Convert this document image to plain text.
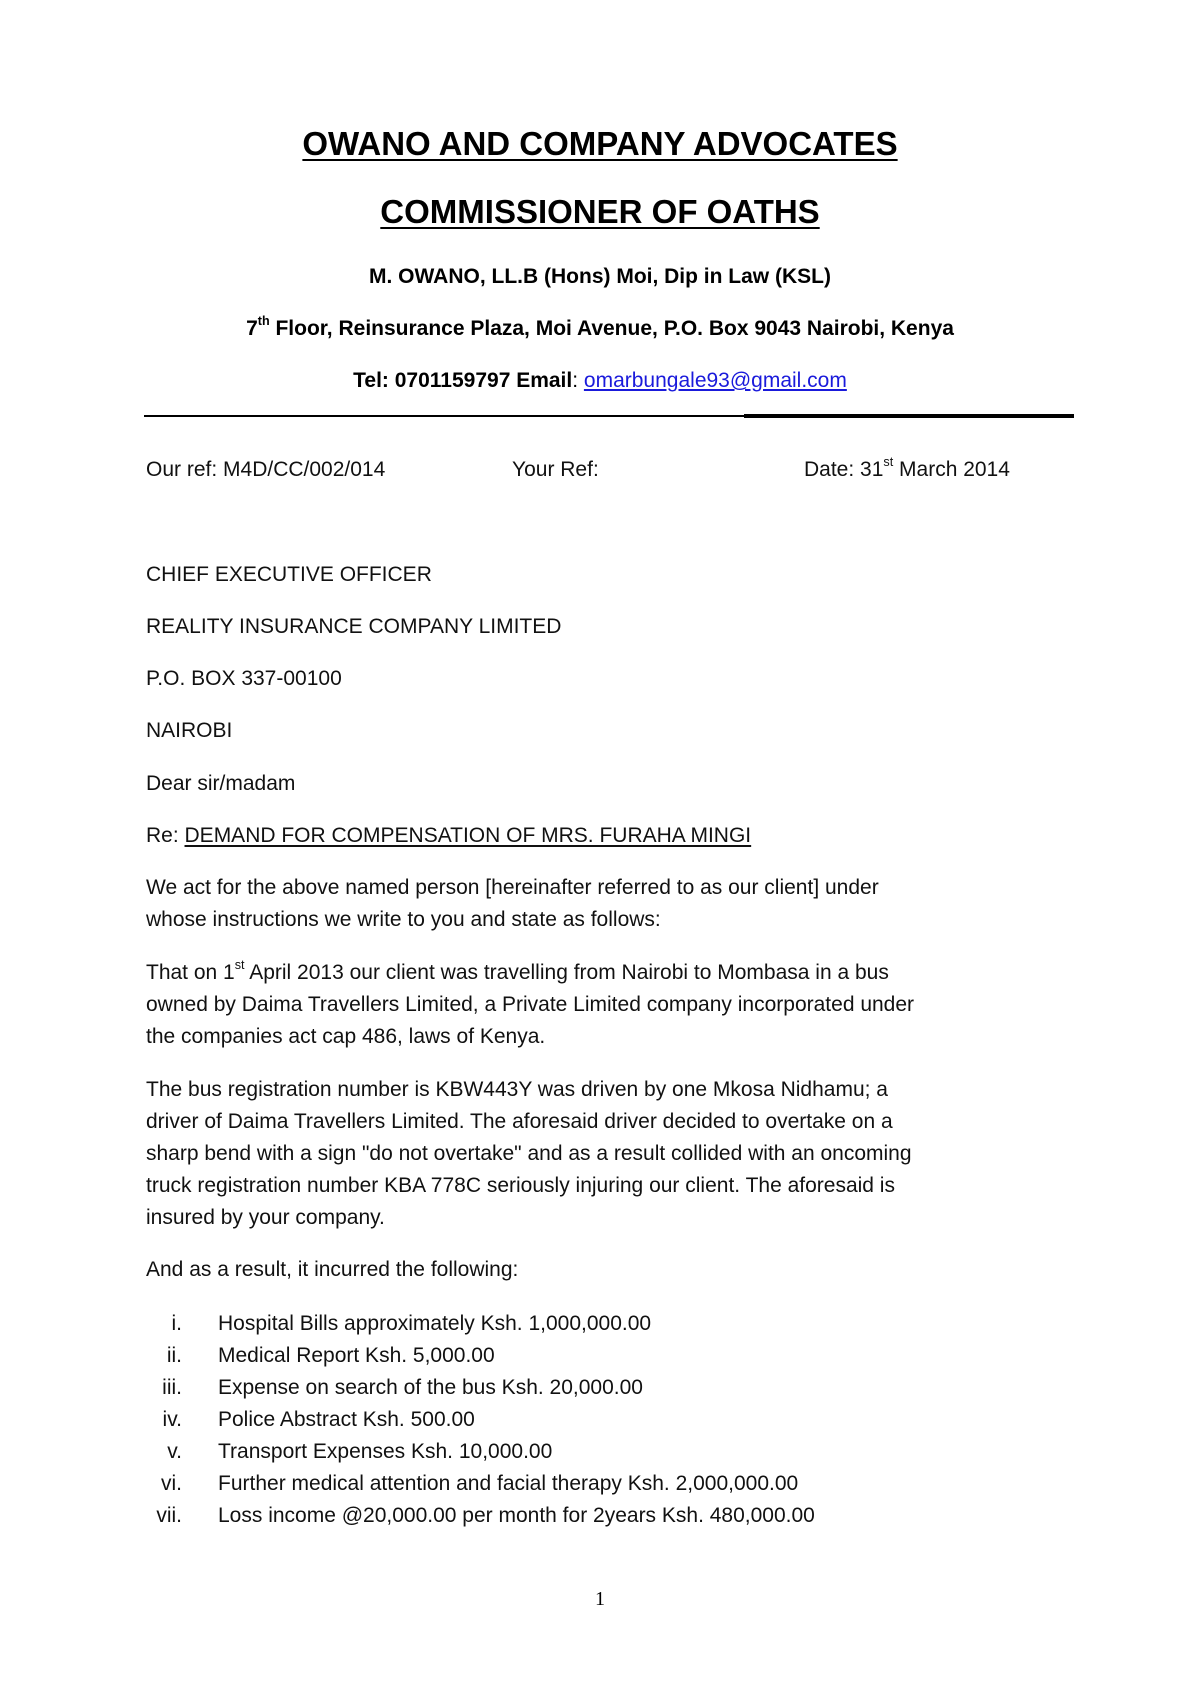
OWANO AND COMPANY ADVOCATES
COMMISSIONER OF OATHS
M. OWANO, LL.B (Hons) Moi, Dip in Law (KSL)
7th Floor, Reinsurance Plaza, Moi Avenue, P.O. Box 9043 Nairobi, Kenya
Tel: 0701159797 Email: omarbungale93@gmail.com
Our ref: M4D/CC/002/014	Your Ref:	Date: 31st March 2014
CHIEF EXECUTIVE OFFICER
REALITY INSURANCE COMPANY LIMITED
P.O. BOX 337-00100
NAIROBI
Dear sir/madam
Re: DEMAND FOR COMPENSATION OF MRS. FURAHA MINGI
We act for the above named person [hereinafter referred to as our client] under
whose instructions we write to you and state as follows:
That on 1st April 2013 our client was travelling from Nairobi to Mombasa in a bus
owned by Daima Travellers Limited, a Private Limited company incorporated under
the companies act cap 486, laws of Kenya.
The bus registration number is KBW443Y was driven by one Mkosa Nidhamu; a
driver of Daima Travellers Limited. The aforesaid driver decided to overtake on a
sharp bend with a sign "do not overtake" and as a result collided with an oncoming
truck registration number KBA 778C seriously injuring our client. The aforesaid is
insured by your company.
And as a result, it incurred the following:
i. Hospital Bills approximately Ksh. 1,000,000.00
ii. Medical Report Ksh. 5,000.00
iii. Expense on search of the bus Ksh. 20,000.00
iv. Police Abstract Ksh. 500.00
v. Transport Expenses Ksh. 10,000.00
vi. Further medical attention and facial therapy Ksh. 2,000,000.00
vii. Loss income @20,000.00 per month for 2years Ksh. 480,000.00
1
